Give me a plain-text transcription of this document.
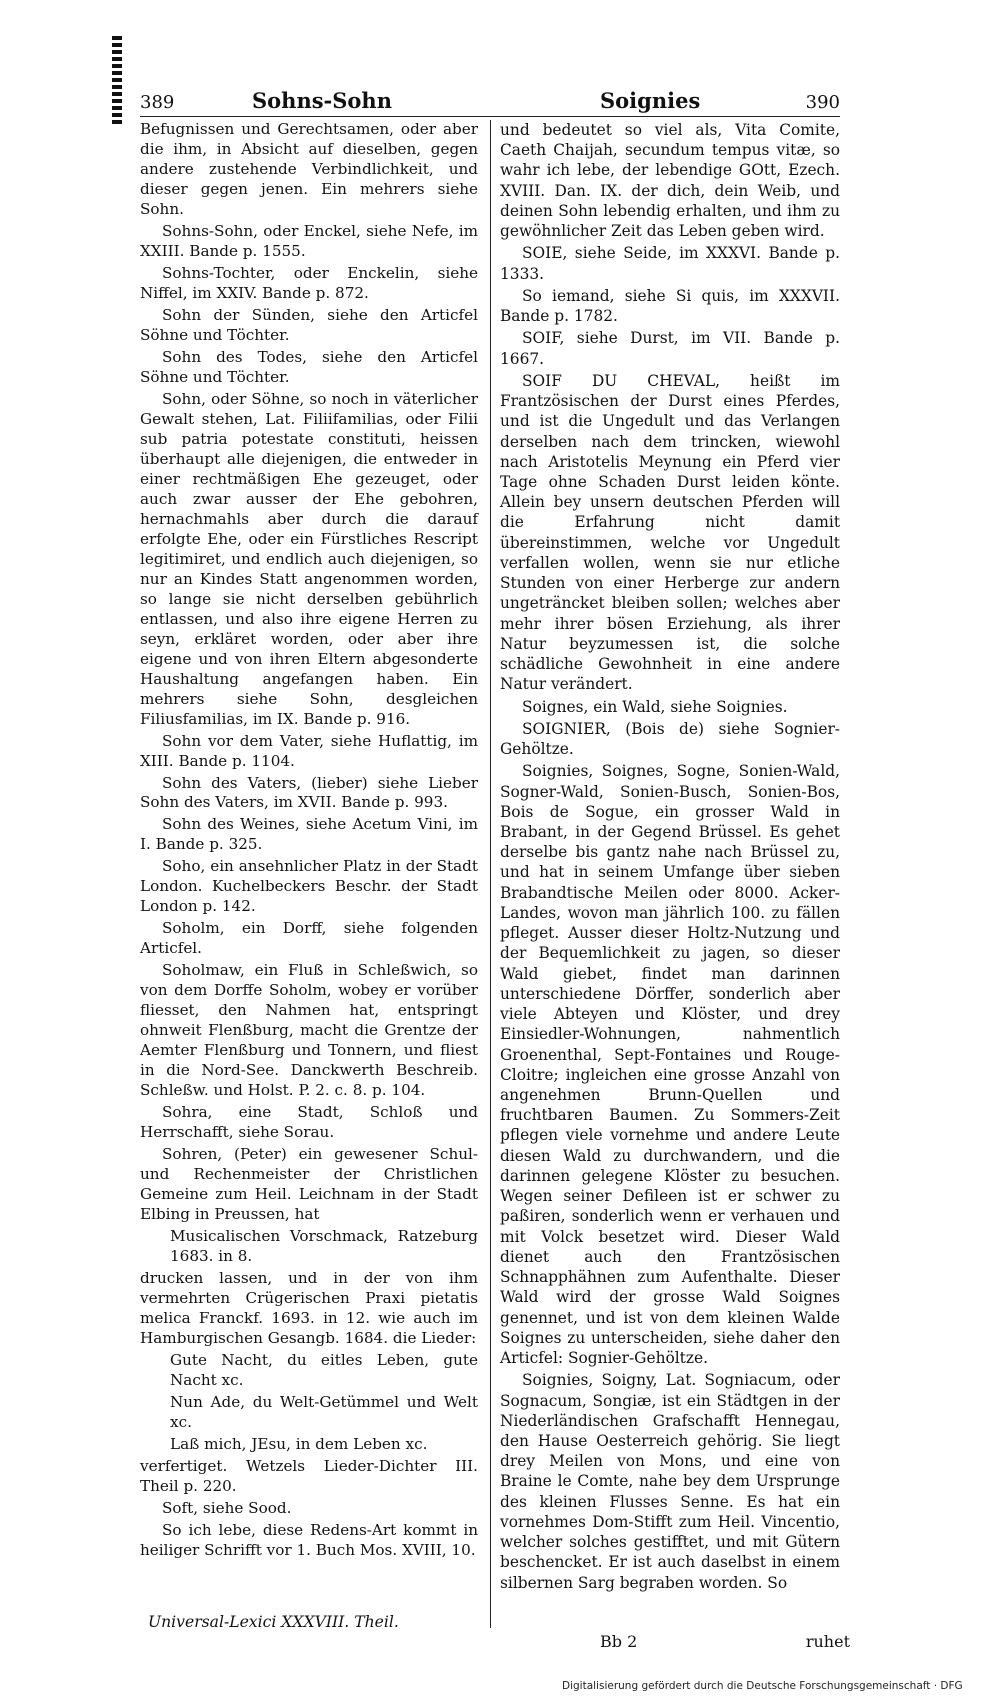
389	Sohns-Sohn	Soignies	390

Befugnissen und Gerechtsamen, oder aber die ihm, in Absicht auf dieselben, gegen andere zustehende Verbindlichkeit, und dieser gegen jenen. Ein mehrers siehe Sohn.

Sohns-Sohn, oder Enckel, siehe Nefe, im XXIII. Bande p. 1555.

Sohns-Tochter, oder Enckelin, siehe Niffel, im XXIV. Bande p. 872.

Sohn der Sünden, siehe den Articfel Söhne und Töchter.

Sohn des Todes, siehe den Articfel Söhne und Töchter.

Sohn, oder Söhne, so noch in väterlicher Gewalt stehen, Lat. Filiifamilias, oder Filii sub patria potestate constituti, heissen überhaupt alle diejenigen, die entweder in einer rechtmäßigen Ehe gezeuget, oder auch zwar ausser der Ehe gebohren, hernachmahls aber durch die darauf erfolgte Ehe, oder ein Fürstliches Rescript legitimiret, und endlich auch diejenigen, so nur an Kindes Statt angenommen worden, so lange sie nicht derselben gebührlich entlassen, und also ihre eigene Herren zu seyn, erkläret worden, oder aber ihre eigene und von ihren Eltern abgesonderte Haushaltung angefangen haben. Ein mehrers siehe Sohn, desgleichen Filiusfamilias, im IX. Bande p. 916.

Sohn vor dem Vater, siehe Huflattig, im XIII. Bande p. 1104.

Sohn des Vaters, (lieber) siehe Lieber Sohn des Vaters, im XVII. Bande p. 993.

Sohn des Weines, siehe Acetum Vini, im I. Bande p. 325.

Soho, ein ansehnlicher Platz in der Stadt London. Kuchelbeckers Beschr. der Stadt London p. 142.

Soholm, ein Dorff, siehe folgenden Articfel.

Soholmaw, ein Fluß in Schleßwich, so von dem Dorffe Soholm, wobey er vorüber fliesset, den Nahmen hat, entspringt ohnweit Flenßburg, macht die Grentze der Aemter Flenßburg und Tonnern, und fliest in die Nord-See. Danckwerth Beschreib. Schleßw. und Holst. P. 2. c. 8. p. 104.

Sohra, eine Stadt, Schloß und Herrschafft, siehe Sorau.

Sohren, (Peter) ein gewesener Schul- und Rechenmeister der Christlichen Gemeine zum Heil. Leichnam in der Stadt Elbing in Preussen, hat

Musicalischen Vorschmack, Ratzeburg 1683. in 8.

drucken lassen, und in der von ihm vermehrten Crügerischen Praxi pietatis melica Franckf. 1693. in 12. wie auch im Hamburgischen Gesangb. 1684. die Lieder:

Gute Nacht, du eitles Leben, gute Nacht xc.

Nun Ade, du Welt-Getümmel und Welt xc.

Laß mich, JEsu, in dem Leben xc.

verfertiget. Wetzels Lieder-Dichter III. Theil p. 220.

Soft, siehe Sood.

So ich lebe, diese Redens-Art kommt in heiliger Schrifft vor 1. Buch Mos. XVIII, 10.

und bedeutet so viel als, Vita Comite, Caeth Chaijah, secundum tempus vitæ, so wahr ich lebe, der lebendige GOtt, Ezech. XVIII. Dan. IX. der dich, dein Weib, und deinen Sohn lebendig erhalten, und ihm zu gewöhnlicher Zeit das Leben geben wird.

SOIE, siehe Seide, im XXXVI. Bande p. 1333.

So iemand, siehe Si quis, im XXXVII. Bande p. 1782.

SOIF, siehe Durst, im VII. Bande p. 1667.

SOIF DU CHEVAL, heißt im Frantzösischen der Durst eines Pferdes, und ist die Ungedult und das Verlangen derselben nach dem trincken, wiewohl nach Aristotelis Meynung ein Pferd vier Tage ohne Schaden Durst leiden könte. Allein bey unsern deutschen Pferden will die Erfahrung nicht damit übereinstimmen, welche vor Ungedult verfallen wollen, wenn sie nur etliche Stunden von einer Herberge zur andern ungeträncket bleiben sollen; welches aber mehr ihrer bösen Erziehung, als ihrer Natur beyzumessen ist, die solche schädliche Gewohnheit in eine andere Natur verändert.

Soignes, ein Wald, siehe Soignies.

SOIGNIER, (Bois de) siehe Sognier-Gehöltze.

Soignies, Soignes, Sogne, Sonien-Wald, Sogner-Wald, Sonien-Busch, Sonien-Bos, Bois de Sogue, ein grosser Wald in Brabant, in der Gegend Brüssel. Es gehet derselbe bis gantz nahe nach Brüssel zu, und hat in seinem Umfange über sieben Brabandtische Meilen oder 8000. Acker-Landes, wovon man jährlich 100. zu fällen pfleget. Ausser dieser Holtz-Nutzung und der Bequemlichkeit zu jagen, so dieser Wald giebet, findet man darinnen unterschiedene Dörffer, sonderlich aber viele Abteyen und Klöster, und drey Einsiedler-Wohnungen, nahmentlich Groenenthal, Sept-Fontaines und Rouge-Cloitre; ingleichen eine grosse Anzahl von angenehmen Brunn-Quellen und fruchtbaren Baumen. Zu Sommers-Zeit pflegen viele vornehme und andere Leute diesen Wald zu durchwandern, und die darinnen gelegene Klöster zu besuchen. Wegen seiner Defileen ist er schwer zu paßiren, sonderlich wenn er verhauen und mit Volck besetzet wird. Dieser Wald dienet auch den Frantzösischen Schnapphähnen zum Aufenthalte. Dieser Wald wird der grosse Wald Soignes genennet, und ist von dem kleinen Walde Soignes zu unterscheiden, siehe daher den Articfel: Sognier-Gehöltze.

Soignies, Soigny, Lat. Sogniacum, oder Sognacum, Songiæ, ist ein Städtgen in der Niederländischen Grafschafft Hennegau, den Hause Oesterreich gehörig. Sie liegt drey Meilen von Mons, und eine von Braine le Comte, nahe bey dem Ursprunge des kleinen Flusses Senne. Es hat ein vornehmes Dom-Stifft zum Heil. Vincentio, welcher solches gestifftet, und mit Gütern beschencket. Er ist auch daselbst in einem silbernen Sarg begraben worden. So

Universal-Lexici XXXVIII. Theil.

Bb 2	ruhet
Digitalisierung gefördert durch die Deutsche Forschungsgemeinschaft · DFG
